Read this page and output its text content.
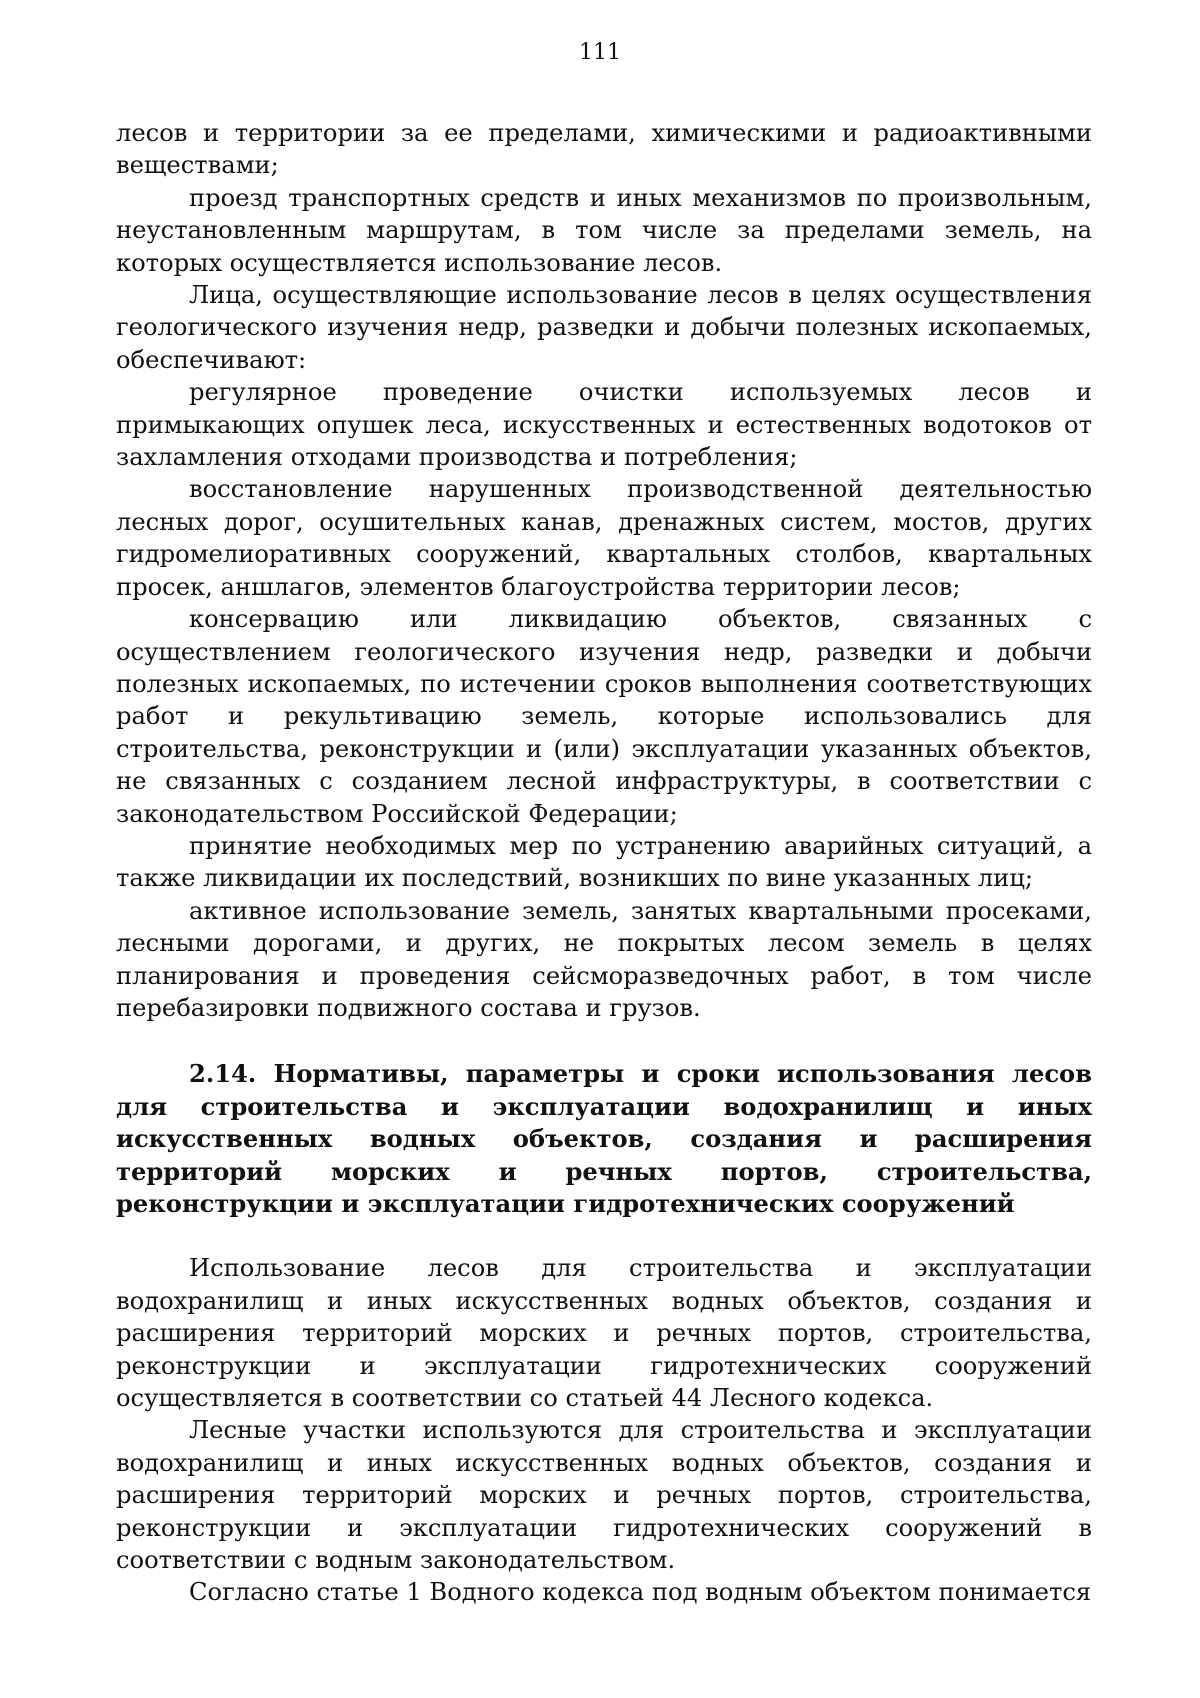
111

лесов и территории за ее пределами, химическими и радиоактивными веществами;

проезд транспортных средств и иных механизмов по произвольным, неустановленным маршрутам, в том числе за пределами земель, на которых осуществляется использование лесов.

Лица, осуществляющие использование лесов в целях осуществления геологического изучения недр, разведки и добычи полезных ископаемых, обеспечивают:

регулярное проведение очистки используемых лесов и примыкающих опушек леса, искусственных и естественных водотоков от захламления отходами производства и потребления;

восстановление нарушенных производственной деятельностью лесных дорог, осушительных канав, дренажных систем, мостов, других гидромелиоративных сооружений, квартальных столбов, квартальных просек, аншлагов, элементов благоустройства территории лесов;

консервацию или ликвидацию объектов, связанных с осуществлением геологического изучения недр, разведки и добычи полезных ископаемых, по истечении сроков выполнения соответствующих работ и рекультивацию земель, которые использовались для строительства, реконструкции и (или) эксплуатации указанных объектов, не связанных с созданием лесной инфраструктуры, в соответствии с законодательством Российской Федерации;

принятие необходимых мер по устранению аварийных ситуаций, а также ликвидации их последствий, возникших по вине указанных лиц;

активное использование земель, занятых квартальными просеками, лесными дорогами, и других, не покрытых лесом земель в целях планирования и проведения сейсморазведочных работ, в том числе перебазировки подвижного состава и грузов.

2.14. Нормативы, параметры и сроки использования лесов для строительства и эксплуатации водохранилищ и иных искусственных водных объектов, создания и расширения территорий морских и речных портов, строительства, реконструкции и эксплуатации гидротехнических сооружений

Использование лесов для строительства и эксплуатации водохранилищ и иных искусственных водных объектов, создания и расширения территорий морских и речных портов, строительства, реконструкции и эксплуатации гидротехнических сооружений осуществляется в соответствии со статьей 44 Лесного кодекса.

Лесные участки используются для строительства и эксплуатации водохранилищ и иных искусственных водных объектов, создания и расширения территорий морских и речных портов, строительства, реконструкции и эксплуатации гидротехнических сооружений в соответствии с водным законодательством.

Согласно статье 1 Водного кодекса под водным объектом понимается
